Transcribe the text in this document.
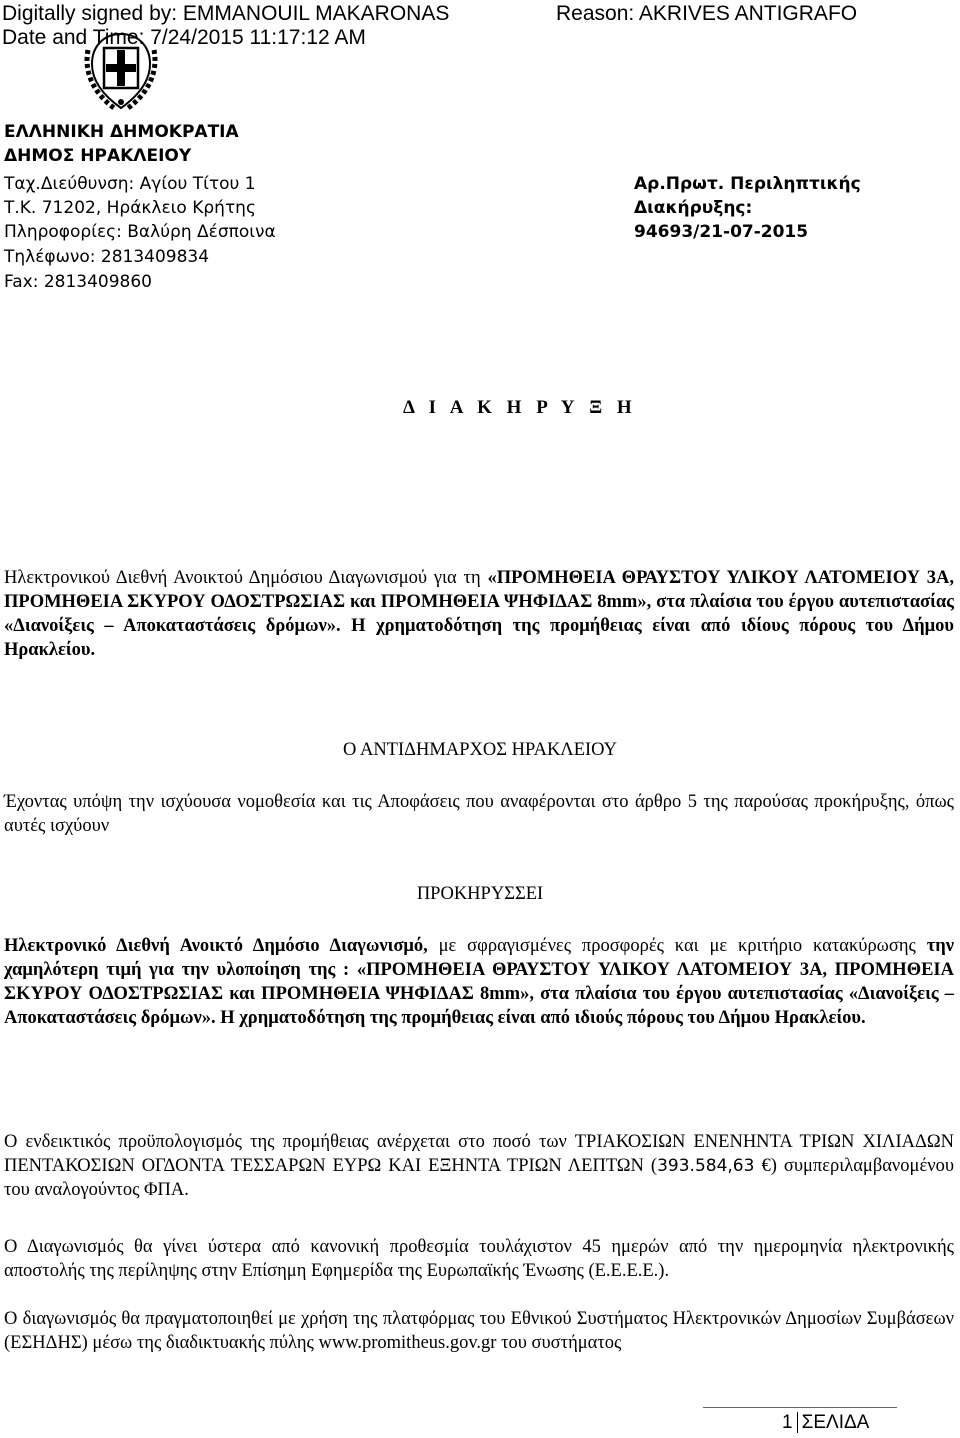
Digitally signed by: EMMANOUIL MAKARONAS
Date and Time: 7/24/2015 11:17:12 AM
Reason: AKRIVES ANTIGRAFO
ΕΛΛΗΝΙΚΗ ΔΗΜΟΚΡΑΤΙΑ
ΔΗΜΟΣ ΗΡΑΚΛΕΙΟΥ
Ταχ.Διεύθυνση: Αγίου Τίτου 1
Τ.Κ. 71202, Ηράκλειο Κρήτης
Πληροφορίες: Βαλύρη Δέσποινα
Τηλέφωνο: 2813409834
Fax: 2813409860
Αρ.Πρωτ. Περιληπτικής
Διακήρυξης:
94693/21-07-2015
Δ Ι Α Κ Η Ρ Υ Ξ Η
Ηλεκτρονικού Διεθνή Ανοικτού Δημόσιου Διαγωνισμού για τη «ΠΡΟΜΗΘΕΙΑ ΘΡΑΥΣΤΟΥ ΥΛΙΚΟΥ ΛΑΤΟΜΕΙΟΥ 3Α, ΠΡΟΜΗΘΕΙΑ ΣΚΥΡΟΥ ΟΔΟΣΤΡΩΣΙΑΣ και ΠΡΟΜΗΘΕΙΑ ΨΗΦΙΔΑΣ 8mm», στα πλαίσια του έργου αυτεπιστασίας «Διανοίξεις – Αποκαταστάσεις δρόμων». Η χρηματοδότηση της προμήθειας είναι από ιδίους πόρους του Δήμου Ηρακλείου.
Ο ΑΝΤΙΔΗΜΑΡΧΟΣ ΗΡΑΚΛΕΙΟΥ
Έχοντας υπόψη την ισχύουσα νομοθεσία και τις Αποφάσεις που αναφέρονται στο άρθρο 5 της παρούσας προκήρυξης, όπως αυτές ισχύουν
ΠΡΟΚΗΡΥΣΣΕΙ
Ηλεκτρονικό Διεθνή Ανοικτό Δημόσιο Διαγωνισμό, με σφραγισμένες προσφορές και με κριτήριο κατακύρωσης την χαμηλότερη τιμή για την υλοποίηση της : «ΠΡΟΜΗΘΕΙΑ ΘΡΑΥΣΤΟΥ ΥΛΙΚΟΥ ΛΑΤΟΜΕΙΟΥ 3Α, ΠΡΟΜΗΘΕΙΑ ΣΚΥΡΟΥ ΟΔΟΣΤΡΩΣΙΑΣ και ΠΡΟΜΗΘΕΙΑ ΨΗΦΙΔΑΣ 8mm», στα πλαίσια του έργου αυτεπιστασίας «Διανοίξεις – Αποκαταστάσεις δρόμων». Η χρηματοδότηση της προμήθειας είναι από ιδιούς πόρους του Δήμου Ηρακλείου.
Ο ενδεικτικός προϋπολογισμός της προμήθειας ανέρχεται στο ποσό των ΤΡΙΑΚΟΣΙΩΝ ΕΝΕΝΗΝΤΑ ΤΡΙΩΝ ΧΙΛΙΑΔΩΝ ΠΕΝΤΑΚΟΣΙΩΝ ΟΓΔΟΝΤΑ ΤΕΣΣΑΡΩΝ ΕΥΡΩ ΚΑΙ ΕΞΗΝΤΑ ΤΡΙΩΝ ΛΕΠΤΩΝ (393.584,63 €) συμπεριλαμβανομένου του αναλογούντος ΦΠΑ.
Ο Διαγωνισμός θα γίνει ύστερα από κανονική προθεσμία τουλάχιστον 45 ημερών από την ημερομηνία ηλεκτρονικής αποστολής της περίληψης στην Επίσημη Εφημερίδα της Ευρωπαϊκής Ένωσης (Ε.Ε.Ε.Ε.).
Ο διαγωνισμός θα πραγματοποιηθεί με χρήση της πλατφόρμας του Εθνικού Συστήματος Ηλεκτρονικών Δημοσίων Συμβάσεων (ΕΣΗΔΗΣ) μέσω της διαδικτυακής πύλης www.promitheus.gov.gr του συστήματος
1 ΣΕΛΙΔΑ
